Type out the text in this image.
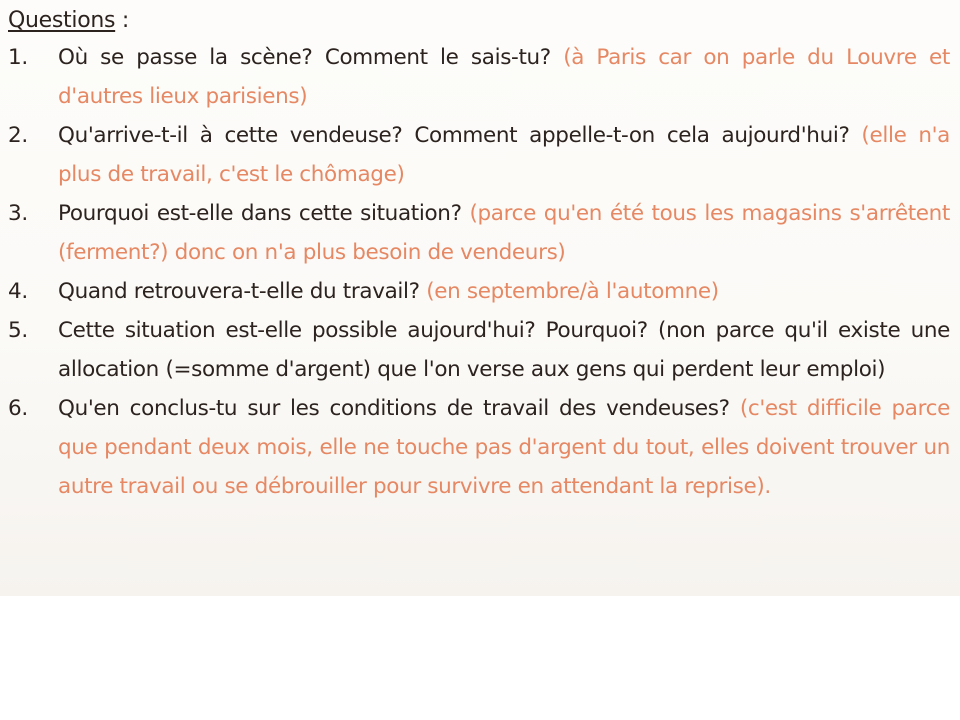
Questions :
1.	Où se passe la scène? Comment le sais-tu? (à Paris car on parle du Louvre et d'autres lieux parisiens)
2.	Qu'arrive-t-il à cette vendeuse? Comment appelle-t-on cela aujourd'hui? (elle n'a plus de travail, c'est le chômage)
3.	Pourquoi est-elle dans cette situation? (parce qu'en été tous les magasins s'arrêtent (ferment?) donc on n'a plus besoin de vendeurs)
4.	Quand retrouvera-t-elle du travail? (en septembre/à l'automne)
5.	Cette situation est-elle possible aujourd'hui? Pourquoi? (non parce qu'il existe une allocation (=somme d'argent) que l'on verse aux gens qui perdent leur emploi)
6.	Qu'en conclus-tu sur les conditions de travail des vendeuses? (c'est difficile parce que pendant deux mois, elle ne touche pas d'argent du tout, elles doivent trouver un autre travail ou se débrouiller pour survivre en attendant la reprise).
